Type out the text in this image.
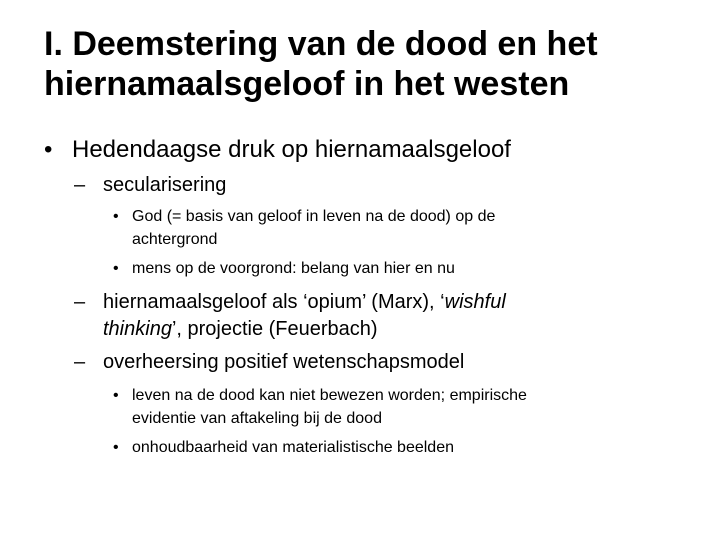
I. Deemstering van de dood en het
hiernamaalsgeloof in het westen
• Hedendaagse druk op hiernamaalsgeloof
– secularisering
• God (= basis van geloof in leven na de dood) op de
achtergrond
• mens op de voorgrond: belang van hier en nu
– hiernamaalsgeloof als ‘opium’ (Marx), ‘wishful
thinking’, projectie (Feuerbach)
– overheersing positief wetenschapsmodel
• leven na de dood kan niet bewezen worden; empirische
evidentie van aftakeling bij de dood
• onhoudbaarheid van materialistische beelden
